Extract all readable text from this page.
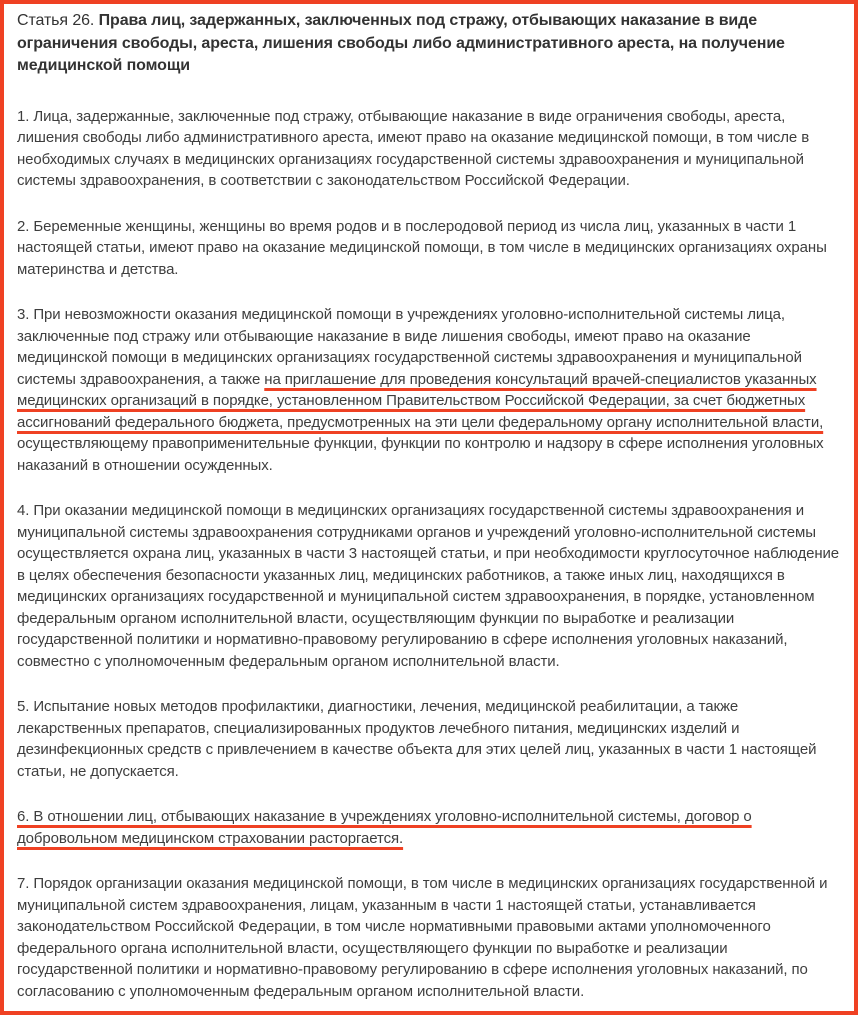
Статья 26. Права лиц, задержанных, заключенных под стражу, отбывающих наказание в виде ограничения свободы, ареста, лишения свободы либо административного ареста, на получение медицинской помощи

1. Лица, задержанные, заключенные под стражу, отбывающие наказание в виде ограничения свободы, ареста, лишения свободы либо административного ареста, имеют право на оказание медицинской помощи, в том числе в необходимых случаях в медицинских организациях государственной системы здравоохранения и муниципальной системы здравоохранения, в соответствии с законодательством Российской Федерации.

2. Беременные женщины, женщины во время родов и в послеродовой период из числа лиц, указанных в части 1 настоящей статьи, имеют право на оказание медицинской помощи, в том числе в медицинских организациях охраны материнства и детства.

3. При невозможности оказания медицинской помощи в учреждениях уголовно-исполнительной системы лица, заключенные под стражу или отбывающие наказание в виде лишения свободы, имеют право на оказание медицинской помощи в медицинских организациях государственной системы здравоохранения и муниципальной системы здравоохранения, а также на приглашение для проведения консультаций врачей-специалистов указанных медицинских организаций в порядке, установленном Правительством Российской Федерации, за счет бюджетных ассигнований федерального бюджета, предусмотренных на эти цели федеральному органу исполнительной власти, осуществляющему правоприменительные функции, функции по контролю и надзору в сфере исполнения уголовных наказаний в отношении осужденных.

4. При оказании медицинской помощи в медицинских организациях государственной системы здравоохранения и муниципальной системы здравоохранения сотрудниками органов и учреждений уголовно-исполнительной системы осуществляется охрана лиц, указанных в части 3 настоящей статьи, и при необходимости круглосуточное наблюдение в целях обеспечения безопасности указанных лиц, медицинских работников, а также иных лиц, находящихся в медицинских организациях государственной и муниципальной систем здравоохранения, в порядке, установленном федеральным органом исполнительной власти, осуществляющим функции по выработке и реализации государственной политики и нормативно-правовому регулированию в сфере исполнения уголовных наказаний, совместно с уполномоченным федеральным органом исполнительной власти.

5. Испытание новых методов профилактики, диагностики, лечения, медицинской реабилитации, а также лекарственных препаратов, специализированных продуктов лечебного питания, медицинских изделий и дезинфекционных средств с привлечением в качестве объекта для этих целей лиц, указанных в части 1 настоящей статьи, не допускается.

6. В отношении лиц, отбывающих наказание в учреждениях уголовно-исполнительной системы, договор о добровольном медицинском страховании расторгается.

7. Порядок организации оказания медицинской помощи, в том числе в медицинских организациях государственной и муниципальной систем здравоохранения, лицам, указанным в части 1 настоящей статьи, устанавливается законодательством Российской Федерации, в том числе нормативными правовыми актами уполномоченного федерального органа исполнительной власти, осуществляющего функции по выработке и реализации государственной политики и нормативно-правовому регулированию в сфере исполнения уголовных наказаний, по согласованию с уполномоченным федеральным органом исполнительной власти.
